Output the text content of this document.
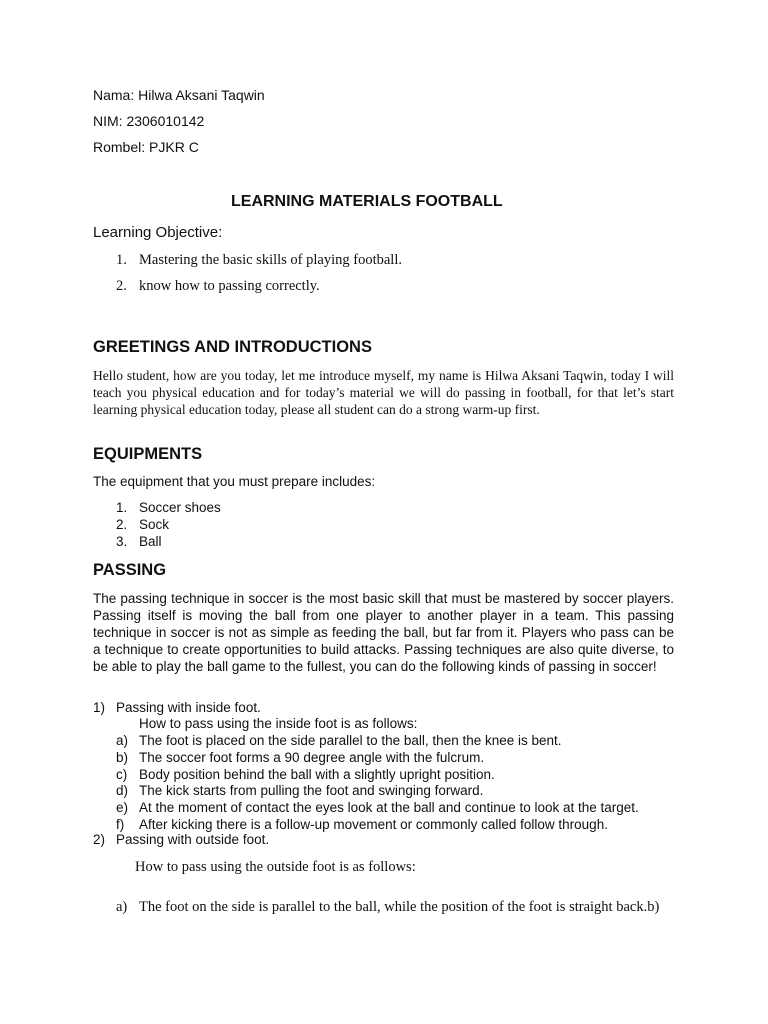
Nama: Hilwa Aksani Taqwin
NIM: 2306010142
Rombel: PJKR C
LEARNING MATERIALS FOOTBALL
Learning Objective:
1. Mastering the basic skills of playing football.
2. know how to passing correctly.
GREETINGS AND INTRODUCTIONS
Hello student, how are you today, let me introduce myself, my name is Hilwa Aksani Taqwin, today I will teach you physical education and for today’s material we will do passing in football, for that let’s start learning physical education today, please all student can do a strong warm-up first.
EQUIPMENTS
The equipment that you must prepare includes:
1. Soccer shoes
2. Sock
3. Ball
PASSING
The passing technique in soccer is the most basic skill that must be mastered by soccer players. Passing itself is moving the ball from one player to another player in a team. This passing technique in soccer is not as simple as feeding the ball, but far from it. Players who pass can be a technique to create opportunities to build attacks. Passing techniques are also quite diverse, to be able to play the ball game to the fullest, you can do the following kinds of passing in soccer!
1) Passing with inside foot.
How to pass using the inside foot is as follows:
a) The foot is placed on the side parallel to the ball, then the knee is bent.
b) The soccer foot forms a 90 degree angle with the fulcrum.
c) Body position behind the ball with a slightly upright position.
d) The kick starts from pulling the foot and swinging forward.
e) At the moment of contact the eyes look at the ball and continue to look at the target.
f) After kicking there is a follow-up movement or commonly called follow through.
2) Passing with outside foot.
How to pass using the outside foot is as follows:
a) The foot on the side is parallel to the ball, while the position of the foot is straight back.b)
